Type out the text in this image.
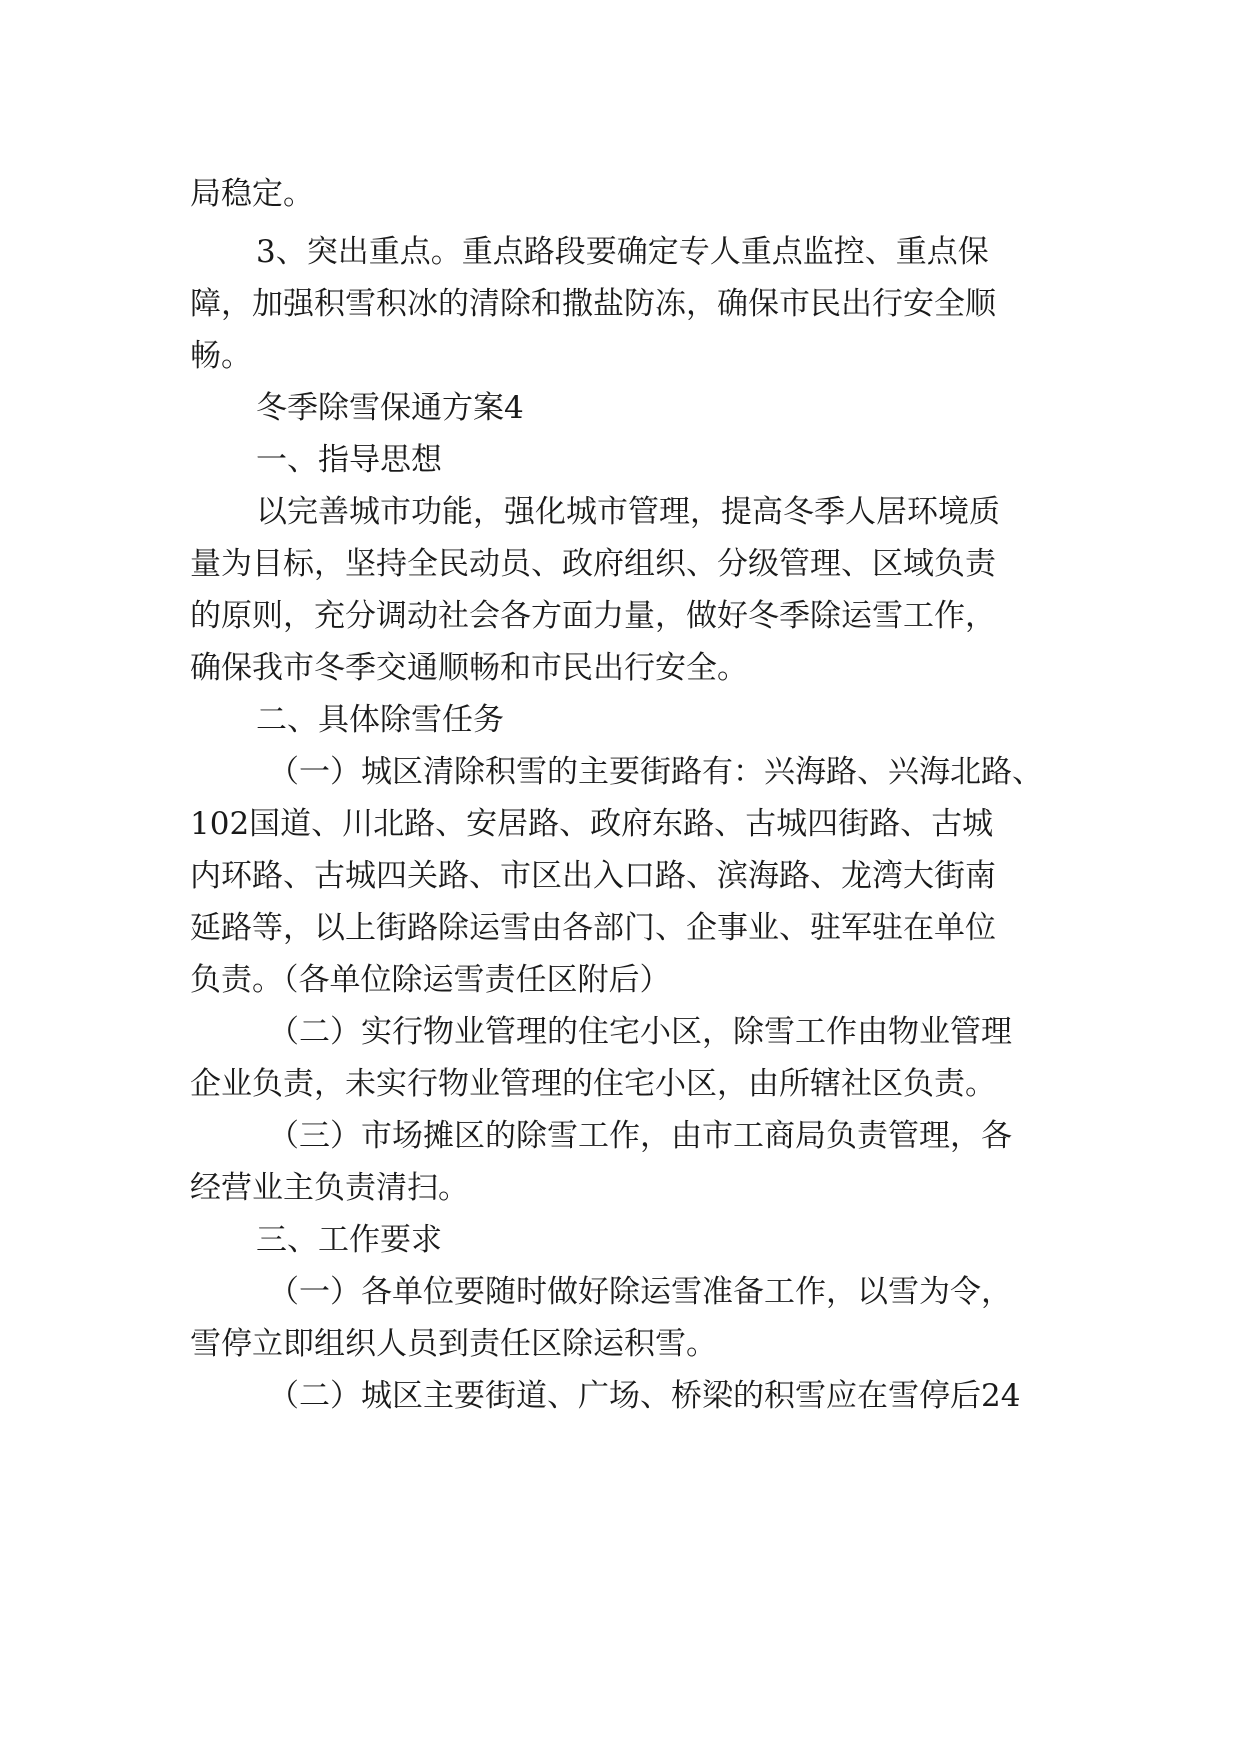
局稳定。

3、突出重点。重点路段要确定专人重点监控、重点保

障，加强积雪积冰的清除和撒盐防冻，确保市民出行安全顺

畅。

冬季除雪保通方案4

一、指导思想

以完善城市功能，强化城市管理，提高冬季人居环境质

量为目标，坚持全民动员、政府组织、分级管理、区域负责

的原则，充分调动社会各方面力量，做好冬季除运雪工作，

确保我市冬季交通顺畅和市民出行安全。

二、具体除雪任务

（一）城区清除积雪的主要街路有：兴海路、兴海北路、

102国道、川北路、安居路、政府东路、古城四街路、古城

内环路、古城四关路、市区出入口路、滨海路、龙湾大街南

延路等，以上街路除运雪由各部门、企事业、驻军驻在单位

负责。（各单位除运雪责任区附后）

（二）实行物业管理的住宅小区，除雪工作由物业管理

企业负责，未实行物业管理的住宅小区，由所辖社区负责。

（三）市场摊区的除雪工作，由市工商局负责管理，各

经营业主负责清扫。

三、工作要求

（一）各单位要随时做好除运雪准备工作，以雪为令，

雪停立即组织人员到责任区除运积雪。

（二）城区主要街道、广场、桥梁的积雪应在雪停后24
